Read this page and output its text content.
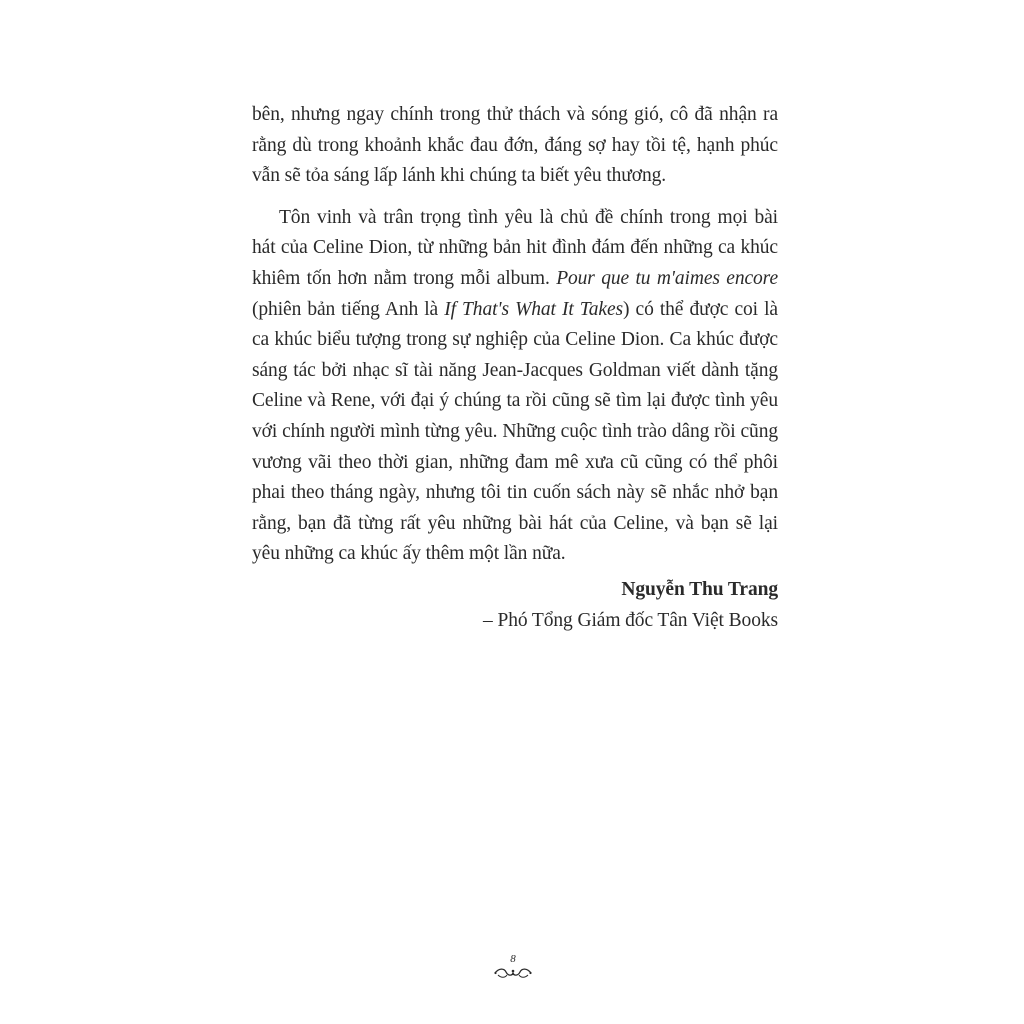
bên, nhưng ngay chính trong thử thách và sóng gió, cô đã nhận ra rằng dù trong khoảnh khắc đau đớn, đáng sợ hay tồi tệ, hạnh phúc vẫn sẽ tỏa sáng lấp lánh khi chúng ta biết yêu thương.

Tôn vinh và trân trọng tình yêu là chủ đề chính trong mọi bài hát của Celine Dion, từ những bản hit đình đám đến những ca khúc khiêm tốn hơn nằm trong mỗi album. Pour que tu m'aimes encore (phiên bản tiếng Anh là If That's What It Takes) có thể được coi là ca khúc biểu tượng trong sự nghiệp của Celine Dion. Ca khúc được sáng tác bởi nhạc sĩ tài năng Jean-Jacques Goldman viết dành tặng Celine và Rene, với đại ý chúng ta rồi cũng sẽ tìm lại được tình yêu với chính người mình từng yêu. Những cuộc tình trào dâng rồi cũng vương vãi theo thời gian, những đam mê xưa cũ cũng có thể phôi phai theo tháng ngày, nhưng tôi tin cuốn sách này sẽ nhắc nhở bạn rằng, bạn đã từng rất yêu những bài hát của Celine, và bạn sẽ lại yêu những ca khúc ấy thêm một lần nữa.

Nguyễn Thu Trang
– Phó Tổng Giám đốc Tân Việt Books
8
